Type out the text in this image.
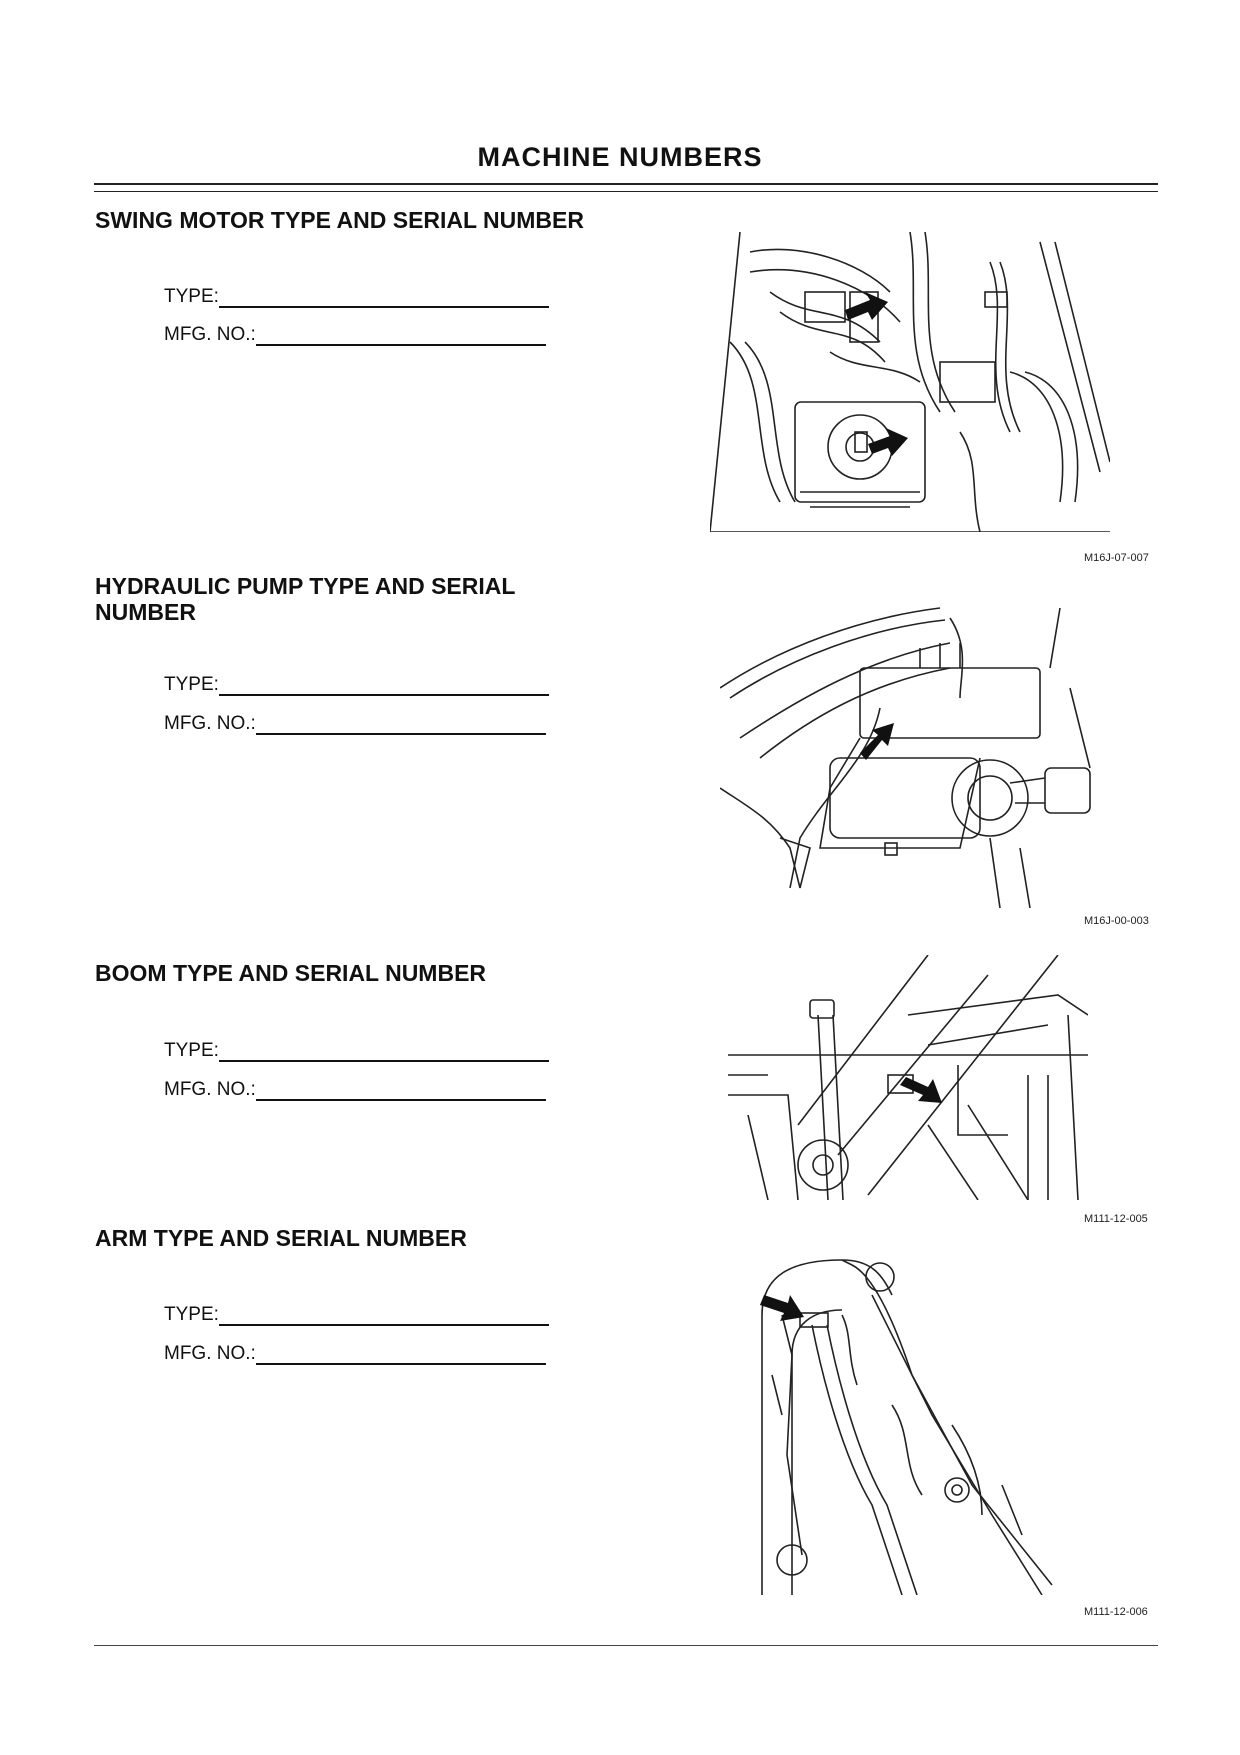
MACHINE NUMBERS
SWING MOTOR TYPE AND SERIAL NUMBER
TYPE:
MFG. NO.:
M16J-07-007
HYDRAULIC PUMP TYPE AND SERIAL NUMBER
TYPE:
MFG. NO.:
M16J-00-003
BOOM TYPE AND SERIAL NUMBER
TYPE:
MFG. NO.:
M111-12-005
ARM TYPE AND SERIAL NUMBER
TYPE:
MFG. NO.:
M111-12-006
